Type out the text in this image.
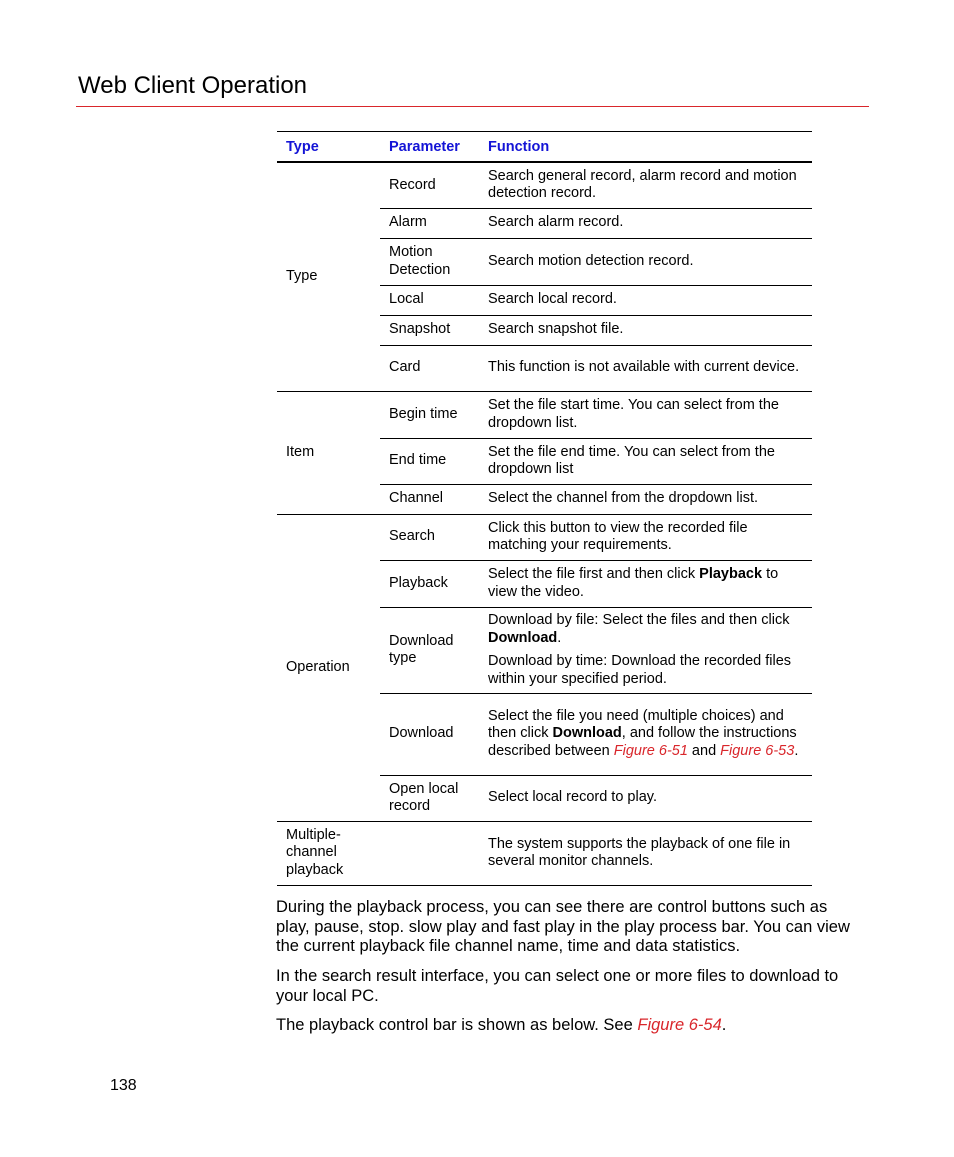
Web Client Operation
Type	Parameter	Function
Type	Record	Search general record, alarm record and motion detection record.
	Alarm	Search alarm record.
	Motion Detection	Search motion detection record.
	Local	Search local record.
	Snapshot	Search snapshot file.
	Card	This function is not available with current device.
Item	Begin time	Set the file start time. You can select from the dropdown list.
	End time	Set the file end time. You can select from the dropdown list
	Channel	Select the channel from the dropdown list.
Operation	Search	Click this button to view the recorded file matching your requirements.
	Playback	Select the file first and then click Playback to view the video.
	Download type	Download by file: Select the files and then click Download.
Download by time: Download the recorded files within your specified period.

	Download	Select the file you need (multiple choices) and then click Download, and follow the instructions described between Figure 6-51 and Figure 6-53.
	Open local record	Select local record to play.
Multiple-channel playback		The system supports the playback of one file in several monitor channels.

During the playback process, you can see there are control buttons such as play, pause, stop. slow play and fast play in the play process bar. You can view the current playback file channel name, time and data statistics.

In the search result interface, you can select one or more files to download to your local PC.

The playback control bar is shown as below. See Figure 6-54.

138
